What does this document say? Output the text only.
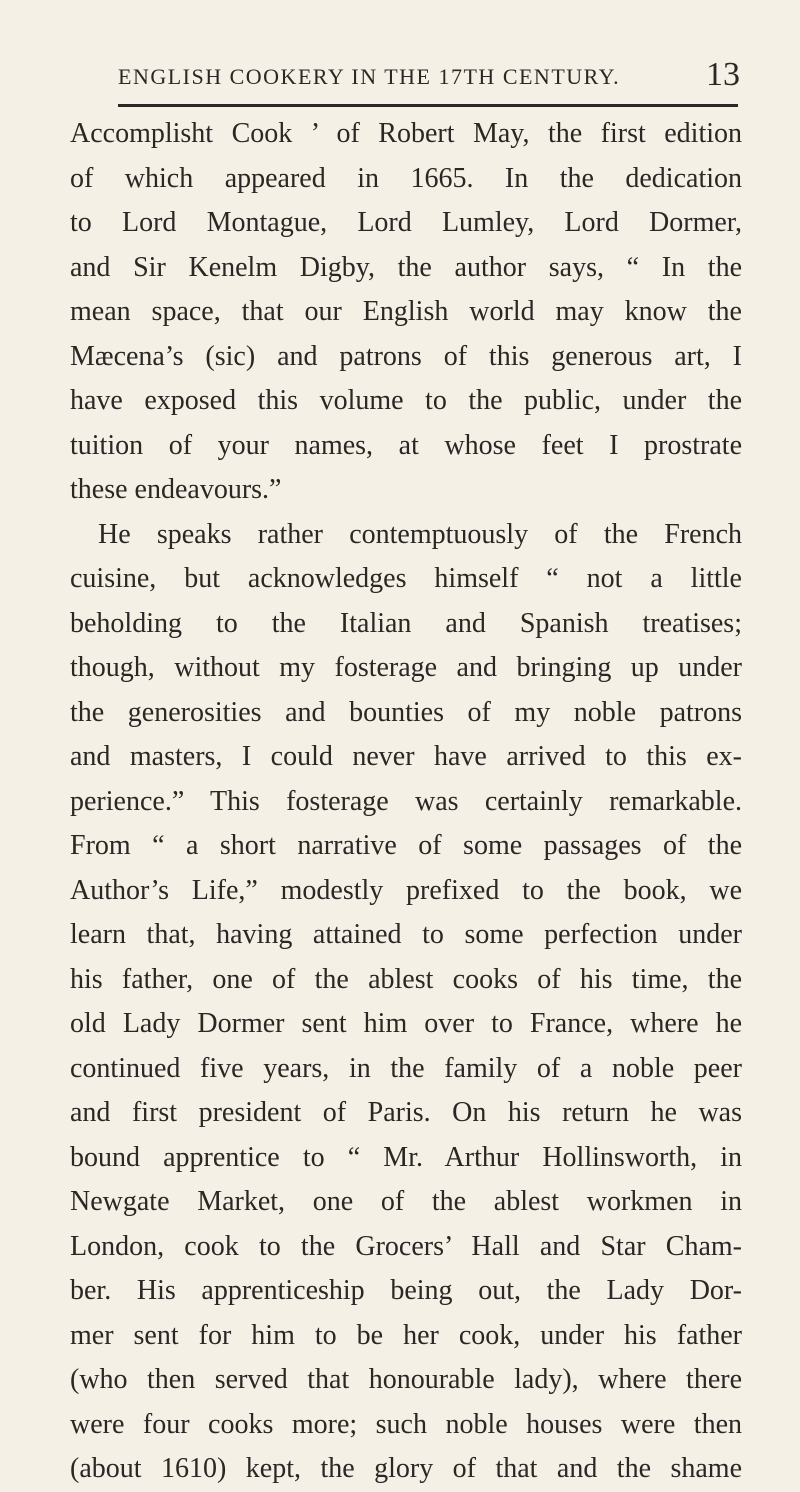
ENGLISH COOKERY IN THE 17TH CENTURY.	13
Accomplisht Cook ’ of Robert May, the first edition
of which appeared in 1665. In the dedication
to Lord Montague, Lord Lumley, Lord Dormer,
and Sir Kenelm Digby, the author says, “ In the
mean space, that our English world may know the
Mæcena’s (sic) and patrons of this generous art, I
have exposed this volume to the public, under the
tuition of your names, at whose feet I prostrate
these endeavours.”
He speaks rather contemptuously of the French
cuisine, but acknowledges himself “ not a little
beholding to the Italian and Spanish treatises;
though, without my fosterage and bringing up under
the generosities and bounties of my noble patrons
and masters, I could never have arrived to this ex-
perience.” This fosterage was certainly remarkable.
From “ a short narrative of some passages of the
Author’s Life,” modestly prefixed to the book, we
learn that, having attained to some perfection under
his father, one of the ablest cooks of his time, the
old Lady Dormer sent him over to France, where he
continued five years, in the family of a noble peer
and first president of Paris. On his return he was
bound apprentice to “ Mr. Arthur Hollinsworth, in
Newgate Market, one of the ablest workmen in
London, cook to the Grocers’ Hall and Star Cham-
ber. His apprenticeship being out, the Lady Dor-
mer sent for him to be her cook, under his father
(who then served that honourable lady), where there
were four cooks more; such noble houses were then
(about 1610) kept, the glory of that and the shame
